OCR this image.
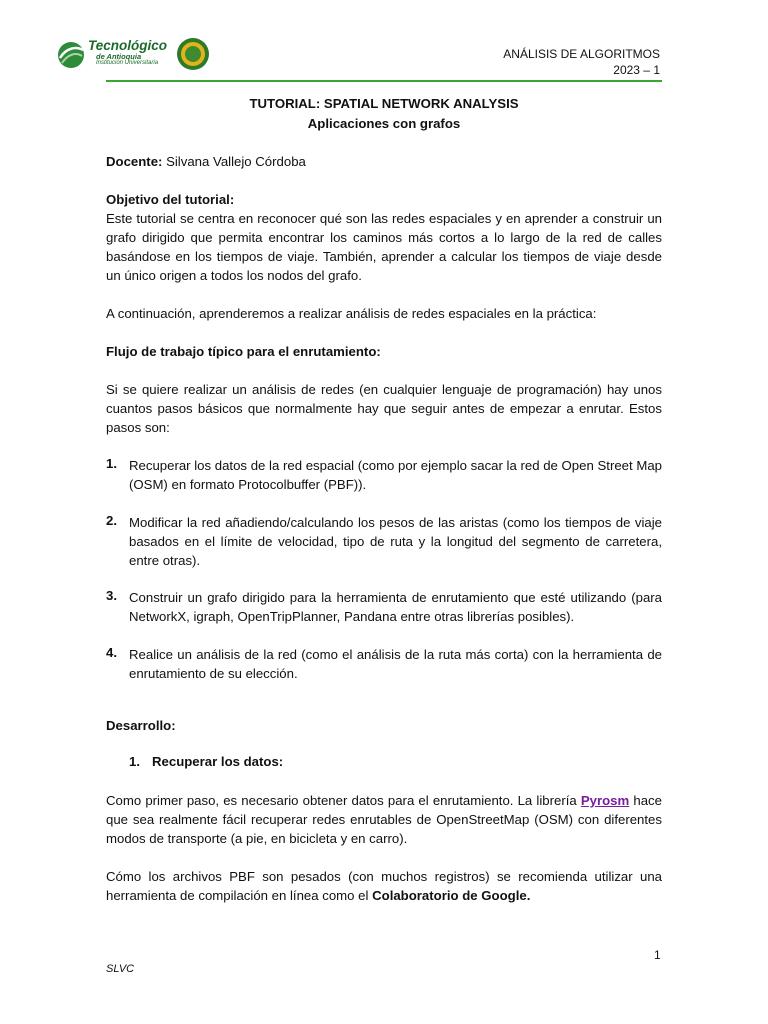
Tecnológico
de Antioquia
Institución Universitaria
ANÁLISIS DE ALGORITMOS
2023 – 1
TUTORIAL: SPATIAL NETWORK ANALYSIS
Aplicaciones con grafos
Docente: Silvana Vallejo Córdoba
Objetivo del tutorial:
Este tutorial se centra en reconocer qué son las redes espaciales y en aprender a construir un grafo dirigido que permita encontrar los caminos más cortos a lo largo de la red de calles basándose en los tiempos de viaje. También, aprender a calcular los tiempos de viaje desde un único origen a todos los nodos del grafo.
A continuación, aprenderemos a realizar análisis de redes espaciales en la práctica:
Flujo de trabajo típico para el enrutamiento:
Si se quiere realizar un análisis de redes (en cualquier lenguaje de programación) hay unos cuantos pasos básicos que normalmente hay que seguir antes de empezar a enrutar. Estos pasos son:
1. Recuperar los datos de la red espacial (como por ejemplo sacar la red de Open Street Map (OSM) en formato Protocolbuffer (PBF)).
2. Modificar la red añadiendo/calculando los pesos de las aristas (como los tiempos de viaje basados en el límite de velocidad, tipo de ruta y la longitud del segmento de carretera, entre otras).
3. Construir un grafo dirigido para la herramienta de enrutamiento que esté utilizando (para NetworkX, igraph, OpenTripPlanner, Pandana entre otras librerías posibles).
4. Realice un análisis de la red (como el análisis de la ruta más corta) con la herramienta de enrutamiento de su elección.
Desarrollo:
1. Recuperar los datos:
Como primer paso, es necesario obtener datos para el enrutamiento. La librería Pyrosm hace que sea realmente fácil recuperar redes enrutables de OpenStreetMap (OSM) con diferentes modos de transporte (a pie, en bicicleta y en carro).
Cómo los archivos PBF son pesados (con muchos registros) se recomienda utilizar una herramienta de compilación en línea como el Colaboratorio de Google.
1
SLVC
